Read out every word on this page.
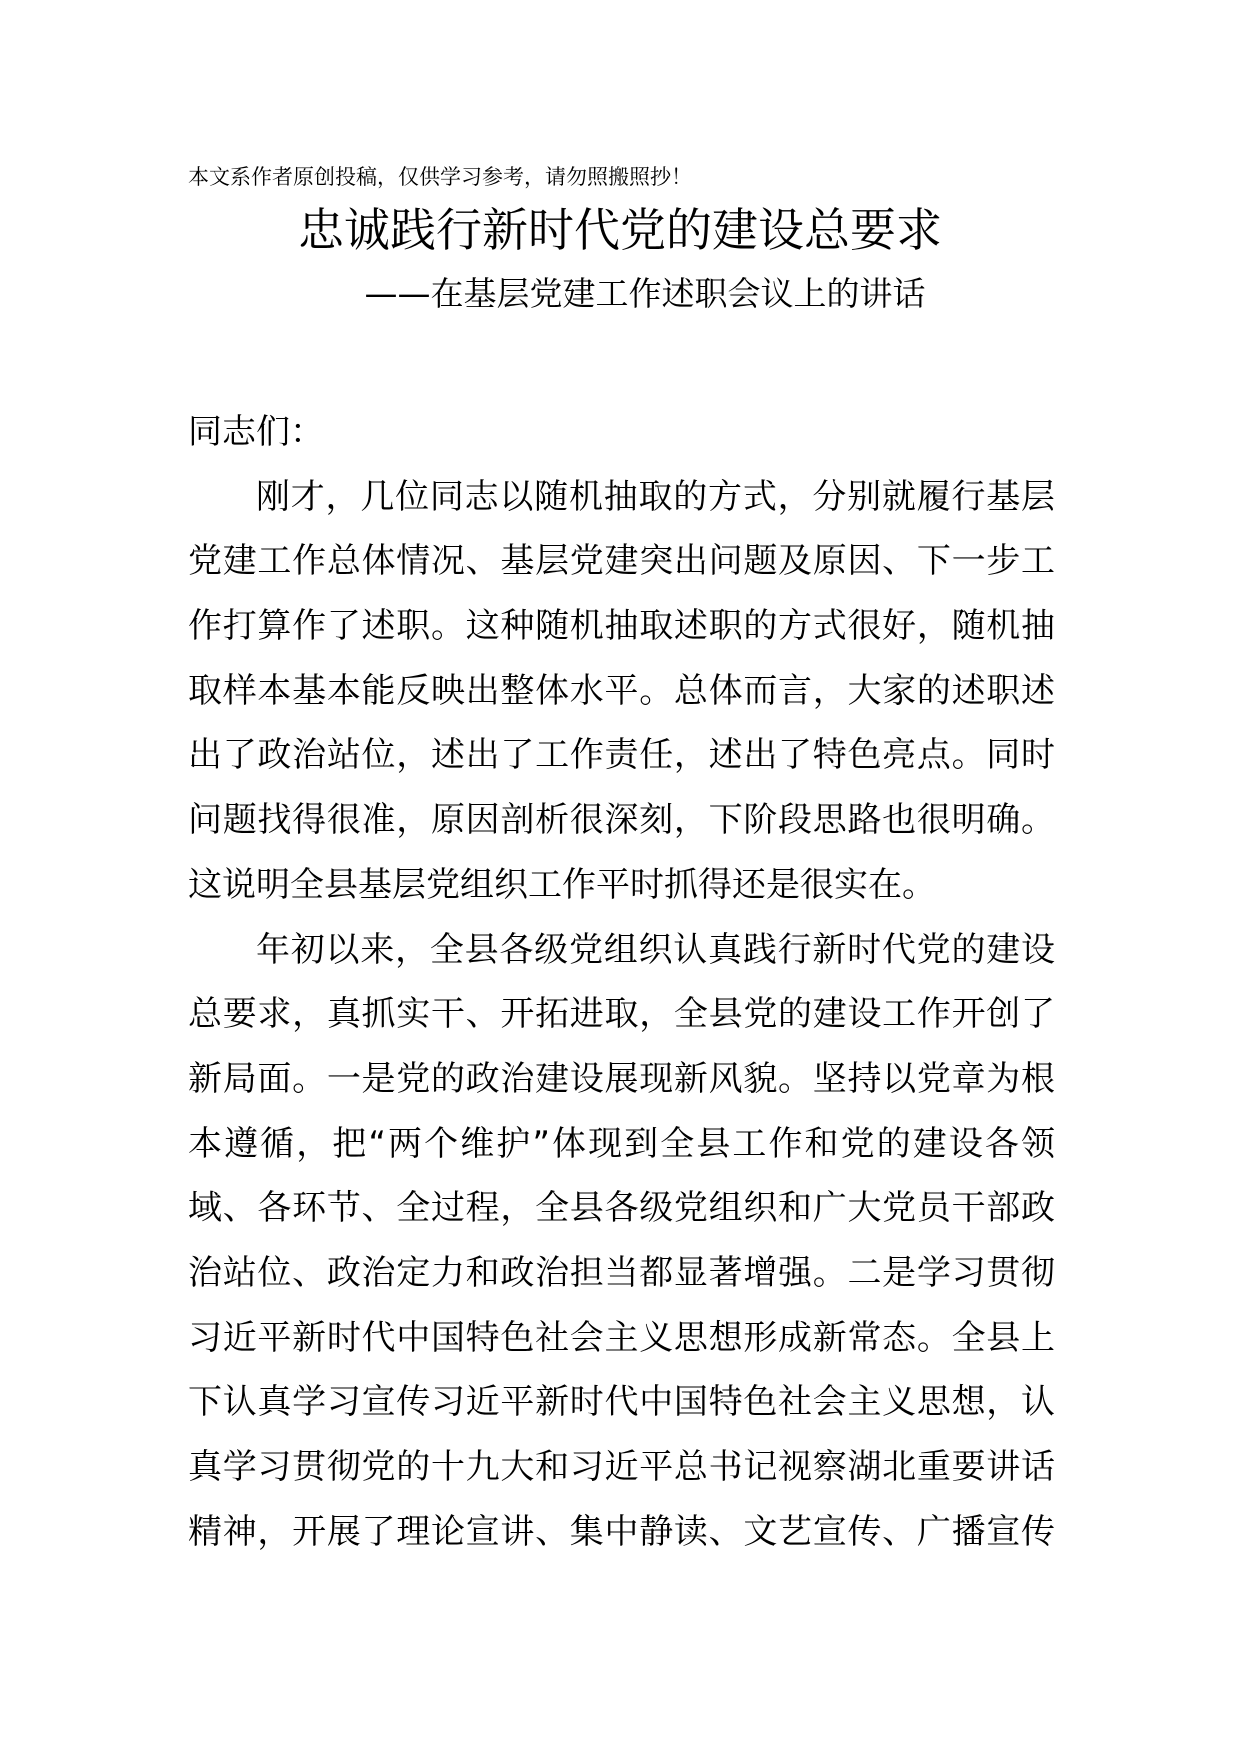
本文系作者原创投稿，仅供学习参考，请勿照搬照抄！
忠诚践行新时代党的建设总要求
——在基层党建工作述职会议上的讲话
同志们：
刚才，几位同志以随机抽取的方式，分别就履行基层
党建工作总体情况、基层党建突出问题及原因、下一步工
作打算作了述职。这种随机抽取述职的方式很好，随机抽
取样本基本能反映出整体水平。总体而言，大家的述职述
出了政治站位，述出了工作责任，述出了特色亮点。同时
问题找得很准，原因剖析很深刻，下阶段思路也很明确。
这说明全县基层党组织工作平时抓得还是很实在。
年初以来，全县各级党组织认真践行新时代党的建设
总要求，真抓实干、开拓进取，全县党的建设工作开创了
新局面。一是党的政治建设展现新风貌。坚持以党章为根
本遵循，把“两个维护”体现到全县工作和党的建设各领
域、各环节、全过程，全县各级党组织和广大党员干部政
治站位、政治定力和政治担当都显著增强。二是学习贯彻
习近平新时代中国特色社会主义思想形成新常态。全县上
下认真学习宣传习近平新时代中国特色社会主义思想，认
真学习贯彻党的十九大和习近平总书记视察湖北重要讲话
精神，开展了理论宣讲、集中静读、文艺宣传、广播宣传
